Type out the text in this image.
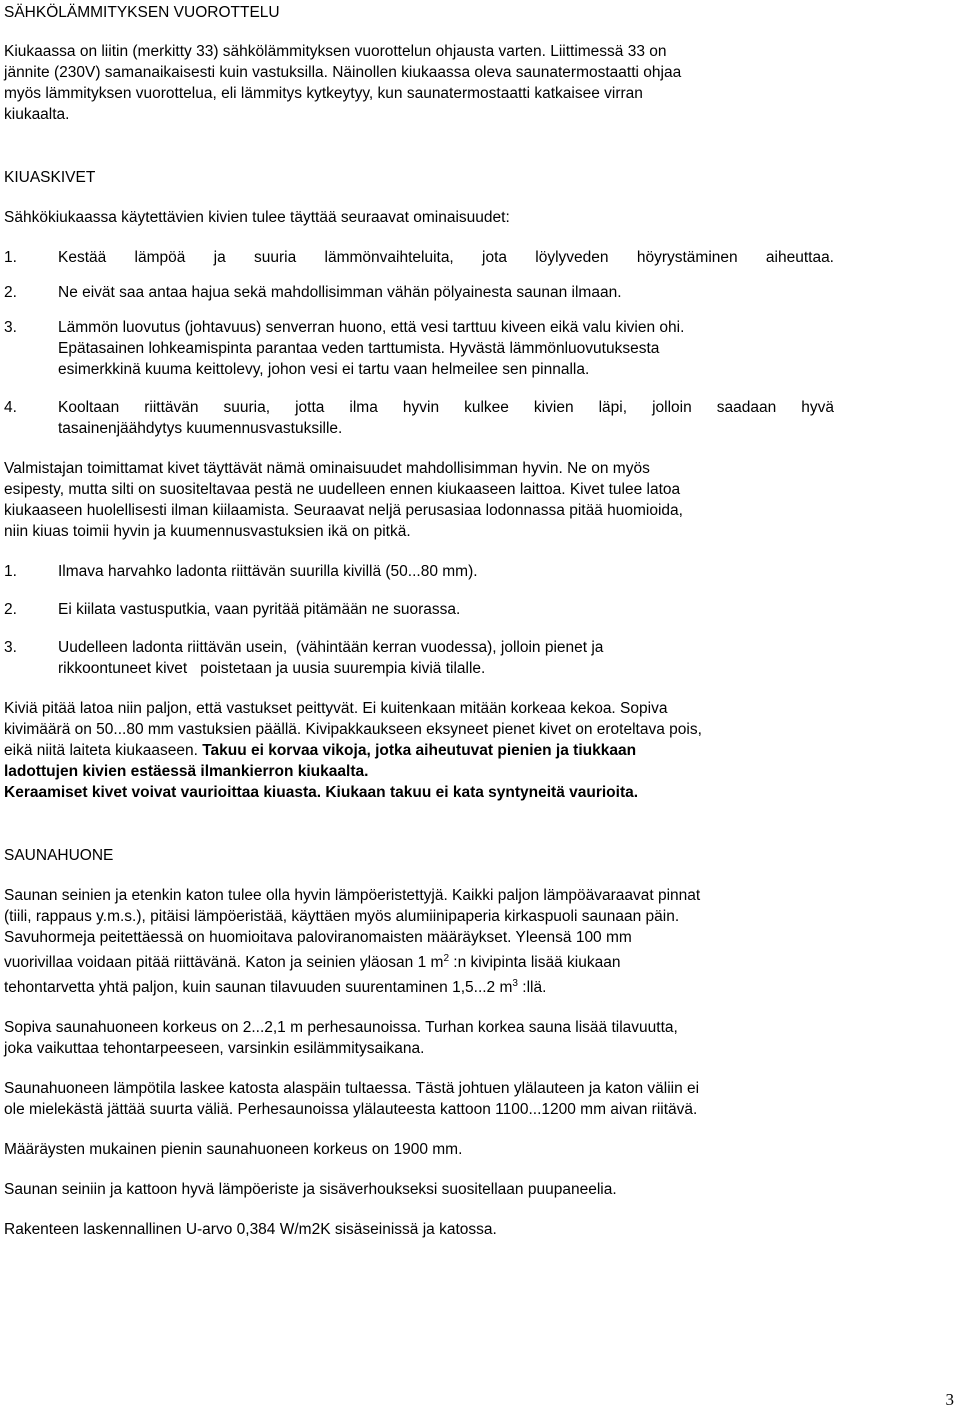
SÄHKÖLÄMMITYKSEN VUOROTTELU

Kiukaassa on liitin (merkitty 33) sähkölämmityksen vuorottelun ohjausta varten. Liittimessä 33 on
jännite (230V) samanaikaisesti kuin vastuksilla. Näinollen kiukaassa oleva saunatermostaatti ohjaa
myös lämmityksen vuorottelua, eli lämmitys kytkeytyy, kun saunatermostaatti katkaisee virran
kiukaalta.

KIUASKIVET

Sähkökiukaassa käytettävien kivien tulee täyttää seuraavat ominaisuudet:

1.	Kestää lämpöä ja suuria lämmönvaihteluita, jota löylyveden höyrystäminen aiheuttaa.
2.	Ne eivät saa antaa hajua sekä mahdollisimman vähän pölyainesta saunan ilmaan.
3.	Lämmön luovutus (johtavuus) senverran huono, että vesi tarttuu kiveen eikä valu kivien ohi.
Epätasainen lohkeamispinta parantaa veden tarttumista. Hyvästä lämmönluovutuksesta
esimerkkinä kuuma keittolevy, johon vesi ei tartu vaan helmeilee sen pinnalla.
4.	Kooltaan riittävän suuria, jotta ilma hyvin kulkee kivien läpi, jolloin saadaan hyvä
tasainenjäähdytys kuumennusvastuksille.
Valmistajan toimittamat kivet täyttävät nämä ominaisuudet mahdollisimman hyvin. Ne on myös
esipesty, mutta silti on suositeltavaa pestä ne uudelleen ennen kiukaaseen laittoa. Kivet tulee latoa
kiukaaseen huolellisesti ilman kiilaamista. Seuraavat neljä perusasiaa lodonnassa pitää huomioida,
niin kiuas toimii hyvin ja kuumennusvastuksien ikä on pitkä.
1.	Ilmava harvahko ladonta riittävän suurilla kivillä (50...80 mm).
2.	Ei kiilata vastusputkia, vaan pyritää pitämään ne suorassa.
3.	Uudelleen ladonta riittävän usein,  (vähintään kerran vuodessa), jolloin pienet ja
rikkoontuneet kivet   poistetaan ja uusia suurempia kiviä tilalle.
Kiviä pitää latoa niin paljon, että vastukset peittyvät. Ei kuitenkaan mitään korkeaa kekoa. Sopiva
kivimäärä on 50...80 mm vastuksien päällä. Kivipakkaukseen eksyneet pienet kivet on eroteltava pois,
eikä niitä laiteta kiukaaseen. Takuu ei korvaa vikoja, jotka aiheutuvat pienien ja tiukkaan
ladottujen kivien estäessä ilmankierron kiukaalta.
Keraamiset kivet voivat vaurioittaa kiuasta. Kiukaan takuu ei kata syntyneitä vaurioita.

SAUNAHUONE

Saunan seinien ja etenkin katon tulee olla hyvin lämpöeristettyjä. Kaikki paljon lämpöävaraavat pinnat
(tiili, rappaus y.m.s.), pitäisi lämpöeristää, käyttäen myös alumiinipaperia kirkaspuoli saunaan päin.
Savuhormeja peitettäessä on huomioitava paloviranomaisten määräykset. Yleensä 100 mm
vuorivillaa voidaan pitää riittävänä. Katon ja seinien yläosan 1 $m^2$ :n kivipinta lisää kiukaan
tehontarvetta yhtä paljon, kuin saunan tilavuuden suurentaminen 1,5...2 $m^3$ :llä.
Sopiva saunahuoneen korkeus on 2...2,1 m perhesaunoissa. Turhan korkea sauna lisää tilavuutta,
joka vaikuttaa tehontarpeeseen, varsinkin esilämmitysaikana.
Saunahuoneen lämpötila laskee katosta alaspäin tultaessa. Tästä johtuen ylälauteen ja katon väliin ei
ole mielekästä jättää suurta väliä. Perhesaunoissa ylälauteesta kattoon 1100...1200 mm aivan riitävä.

Määräysten mukainen pienin saunahuoneen korkeus on 1900 mm.

Saunan seiniin ja kattoon hyvä lämpöeriste ja sisäverhoukseksi suositellaan puupaneelia.

Rakenteen laskennallinen U-arvo 0,384 W/m2K sisäseinissä ja katossa.

3
